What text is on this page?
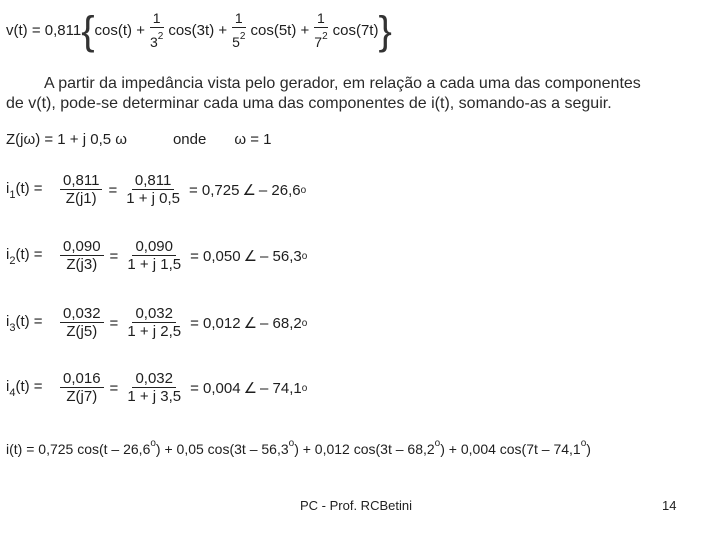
v(t) = 0,811 { $\cos(t) + \frac{1}{3^2} \cos(3t) + \frac{1}{5^2} \cos(5t) + \frac{1}{7^2} \cos(7t)$ }
A partir da impedância vista pelo gerador, em relação a cada uma das componentes
de v(t), pode-se determinar cada uma das componentes de i(t), somando-as a seguir.
Z(jω) = 1 + j 0,5 ω	onde ω = 1
$i_1(t)$ =	$\frac{0,811}{Z(j1)} = \frac{0,811}{1 + j 0,5} = 0,725$ ∠ – 26,6 o
$i_2(t)$ =	$\frac{0,090}{Z(j3)} = \frac{0,090}{1 + j 1,5} = 0,050$ ∠ – 56,3 o
$i_3(t)$ =	$\frac{0,032}{Z(j5)} = \frac{0,032}{1 + j 2,5} = 0,012$ ∠ – 68,2 o
$i_4(t)$ =	$\frac{0,016}{Z(j7)} = \frac{0,032}{1 + j 3,5} = 0,004$ ∠ – 74,1 o
i(t) = 0,725 $\cos(t - 26,6^o) + 0,05$ $\cos(3t - 56,3^o) + 0,012$ $\cos(3t - 68,2^o) + 0,004$ cos(7t – 74,1$^o$)
PC - Prof. RCBetini	14
